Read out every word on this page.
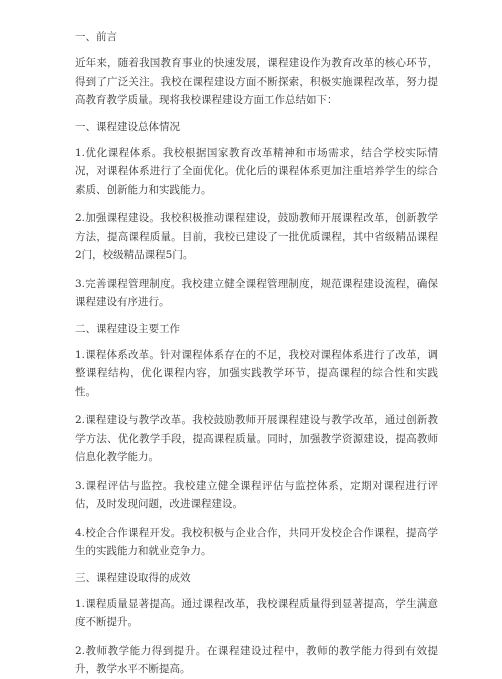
一、前言
近年来，随着我国教育事业的快速发展，课程建设作为教育改革的核心环节，得到了广泛关注。我校在课程建设方面不断探索，积极实施课程改革，努力提高教育教学质量。现将我校课程建设方面工作总结如下：
一、课程建设总体情况
1.优化课程体系。我校根据国家教育改革精神和市场需求，结合学校实际情况，对课程体系进行了全面优化。优化后的课程体系更加注重培养学生的综合素质、创新能力和实践能力。
2.加强课程建设。我校积极推动课程建设，鼓励教师开展课程改革，创新教学方法，提高课程质量。目前，我校已建设了一批优质课程，其中省级精品课程2门，校级精品课程5门。
3.完善课程管理制度。我校建立健全课程管理制度，规范课程建设流程，确保课程建设有序进行。
二、课程建设主要工作
1.课程体系改革。针对课程体系存在的不足，我校对课程体系进行了改革，调整课程结构，优化课程内容，加强实践教学环节，提高课程的综合性和实践性。
2.课程建设与教学改革。我校鼓励教师开展课程建设与教学改革，通过创新教学方法、优化教学手段，提高课程质量。同时，加强教学资源建设，提高教师信息化教学能力。
3.课程评估与监控。我校建立健全课程评估与监控体系，定期对课程进行评估，及时发现问题，改进课程建设。
4.校企合作课程开发。我校积极与企业合作，共同开发校企合作课程，提高学生的实践能力和就业竞争力。
三、课程建设取得的成效
1.课程质量显著提高。通过课程改革，我校课程质量得到显著提高，学生满意度不断提升。
2.教师教学能力得到提升。在课程建设过程中，教师的教学能力得到有效提升，教学水平不断提高。
